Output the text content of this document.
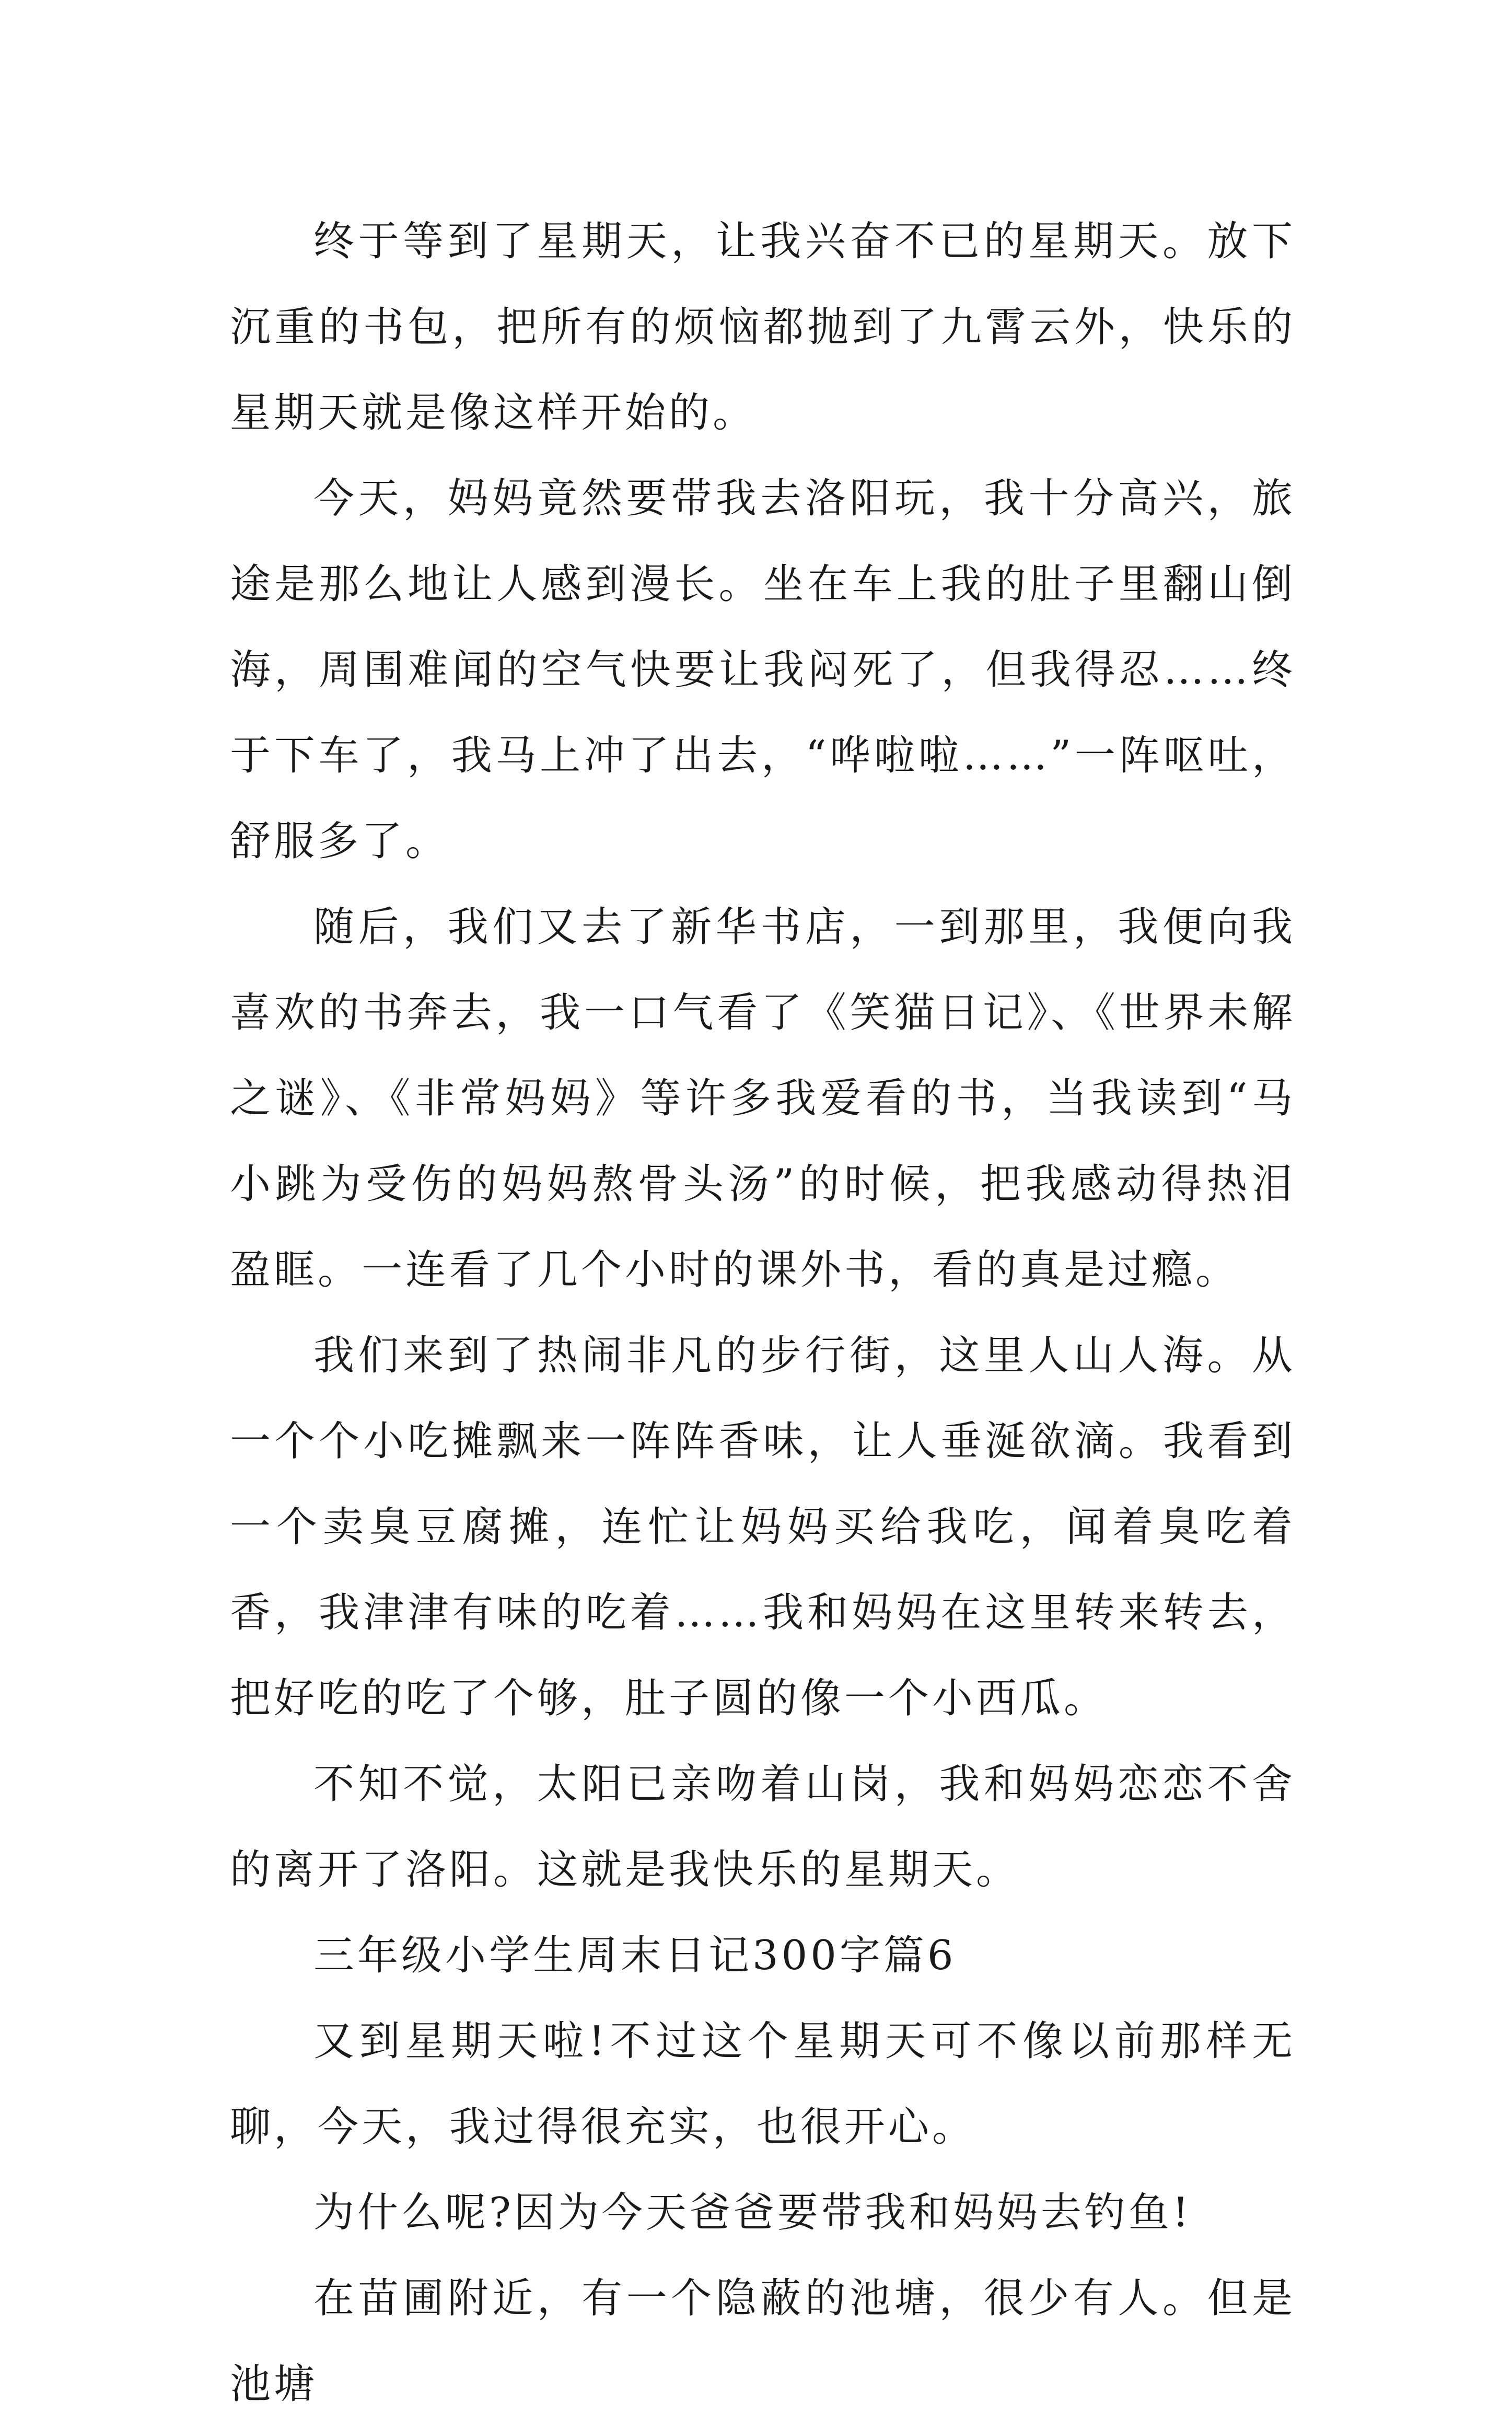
终于等到了星期天，让我兴奋不已的星期天。放下沉重的书包，把所有的烦恼都抛到了九霄云外，快乐的星期天就是像这样开始的。

今天，妈妈竟然要带我去洛阳玩，我十分高兴，旅途是那么地让人感到漫长。坐在车上我的肚子里翻山倒海，周围难闻的空气快要让我闷死了，但我得忍……终于下车了，我马上冲了出去，“哗啦啦……”一阵呕吐，舒服多了。

随后，我们又去了新华书店，一到那里，我便向我喜欢的书奔去，我一口气看了《笑猫日记》、《世界未解之谜》、《非常妈妈》等许多我爱看的书，当我读到“马小跳为受伤的妈妈熬骨头汤”的时候，把我感动得热泪盈眶。一连看了几个小时的课外书，看的真是过瘾。

我们来到了热闹非凡的步行街，这里人山人海。从一个个小吃摊飘来一阵阵香味，让人垂涎欲滴。我看到一个卖臭豆腐摊，连忙让妈妈买给我吃，闻着臭吃着香，我津津有味的吃着……我和妈妈在这里转来转去，把好吃的吃了个够，肚子圆的像一个小西瓜。

不知不觉，太阳已亲吻着山岗，我和妈妈恋恋不舍的离开了洛阳。这就是我快乐的星期天。

三年级小学生周末日记300字篇6

又到星期天啦!不过这个星期天可不像以前那样无聊，今天，我过得很充实，也很开心。

为什么呢?因为今天爸爸要带我和妈妈去钓鱼!

在苗圃附近，有一个隐蔽的池塘，很少有人。但是池塘
